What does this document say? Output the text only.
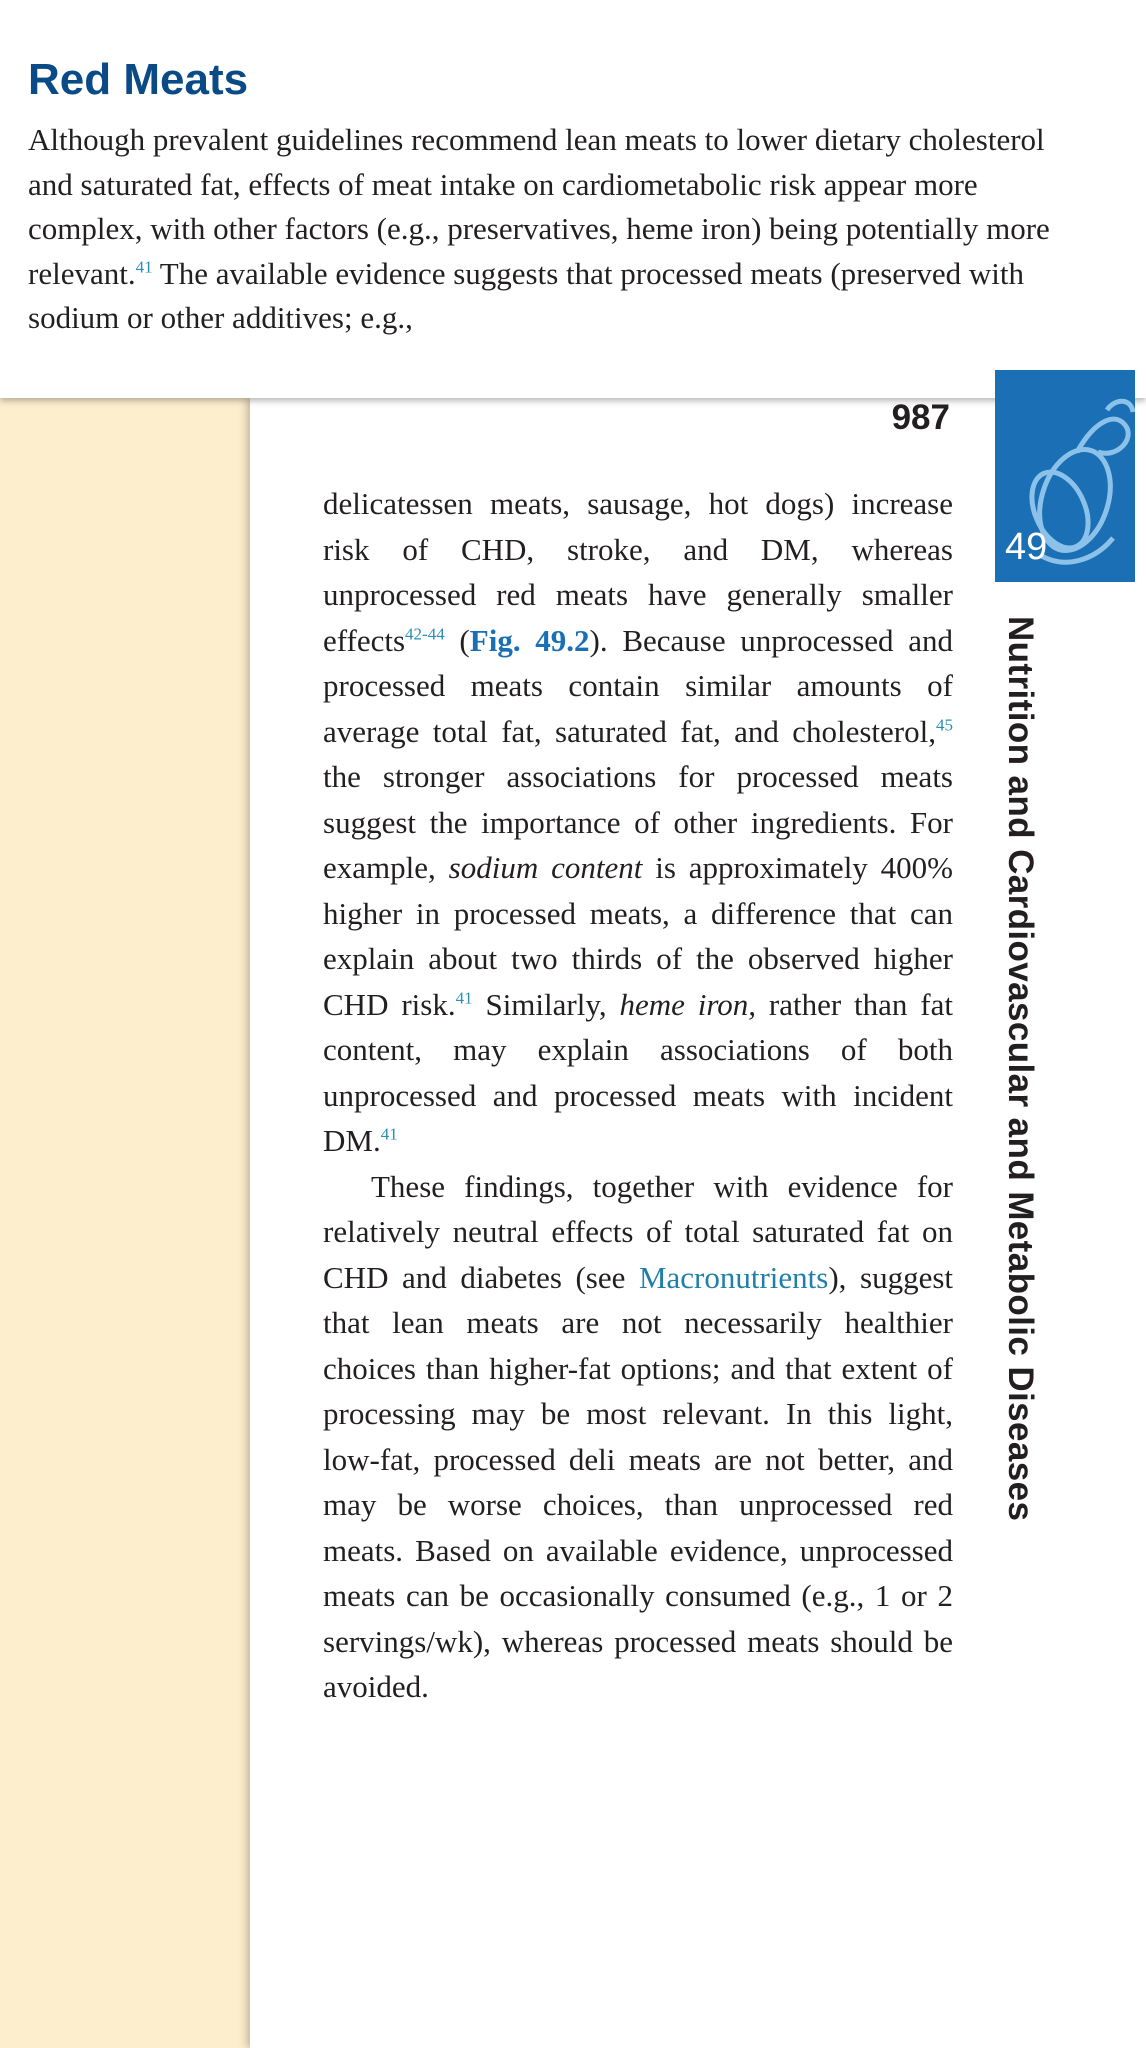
Red Meats

Although prevalent guidelines recommend lean meats to lower dietary cholesterol and saturated fat, effects of meat intake on cardiometabolic risk appear more complex, with other factors (e.g., preservatives, heme iron) being potentially more relevant.$^{41}$ The available evidence suggests that processed meats (preserved with sodium or other additives; e.g.,

987
49
Nutrition and Cardiovascular and Metabolic Diseases

delicatessen meats, sausage, hot dogs) increase risk of CHD, stroke, and DM, whereas unprocessed red meats have generally smaller effects$^{42-44}$ (Fig. 49.2). Because unprocessed and processed meats contain similar amounts of average total fat, saturated fat, and cholesterol,$^{45}$ the stronger associations for processed meats suggest the importance of other ingredients. For example, sodium content is approximately 400% higher in processed meats, a difference that can explain about two thirds of the observed higher CHD risk.$^{41}$ Similarly, heme iron, rather than fat content, may explain associations of both unprocessed and processed meats with incident DM.$^{41}$

These findings, together with evidence for relatively neutral effects of total saturated fat on CHD and diabetes (see Macronutrients), suggest that lean meats are not necessarily healthier choices than higher-fat options; and that extent of processing may be most relevant. In this light, low-fat, processed deli meats are not better, and may be worse choices, than unprocessed red meats. Based on available evidence, unprocessed meats can be occasionally consumed (e.g., 1 or 2 servings/wk), whereas processed meats should be avoided.
